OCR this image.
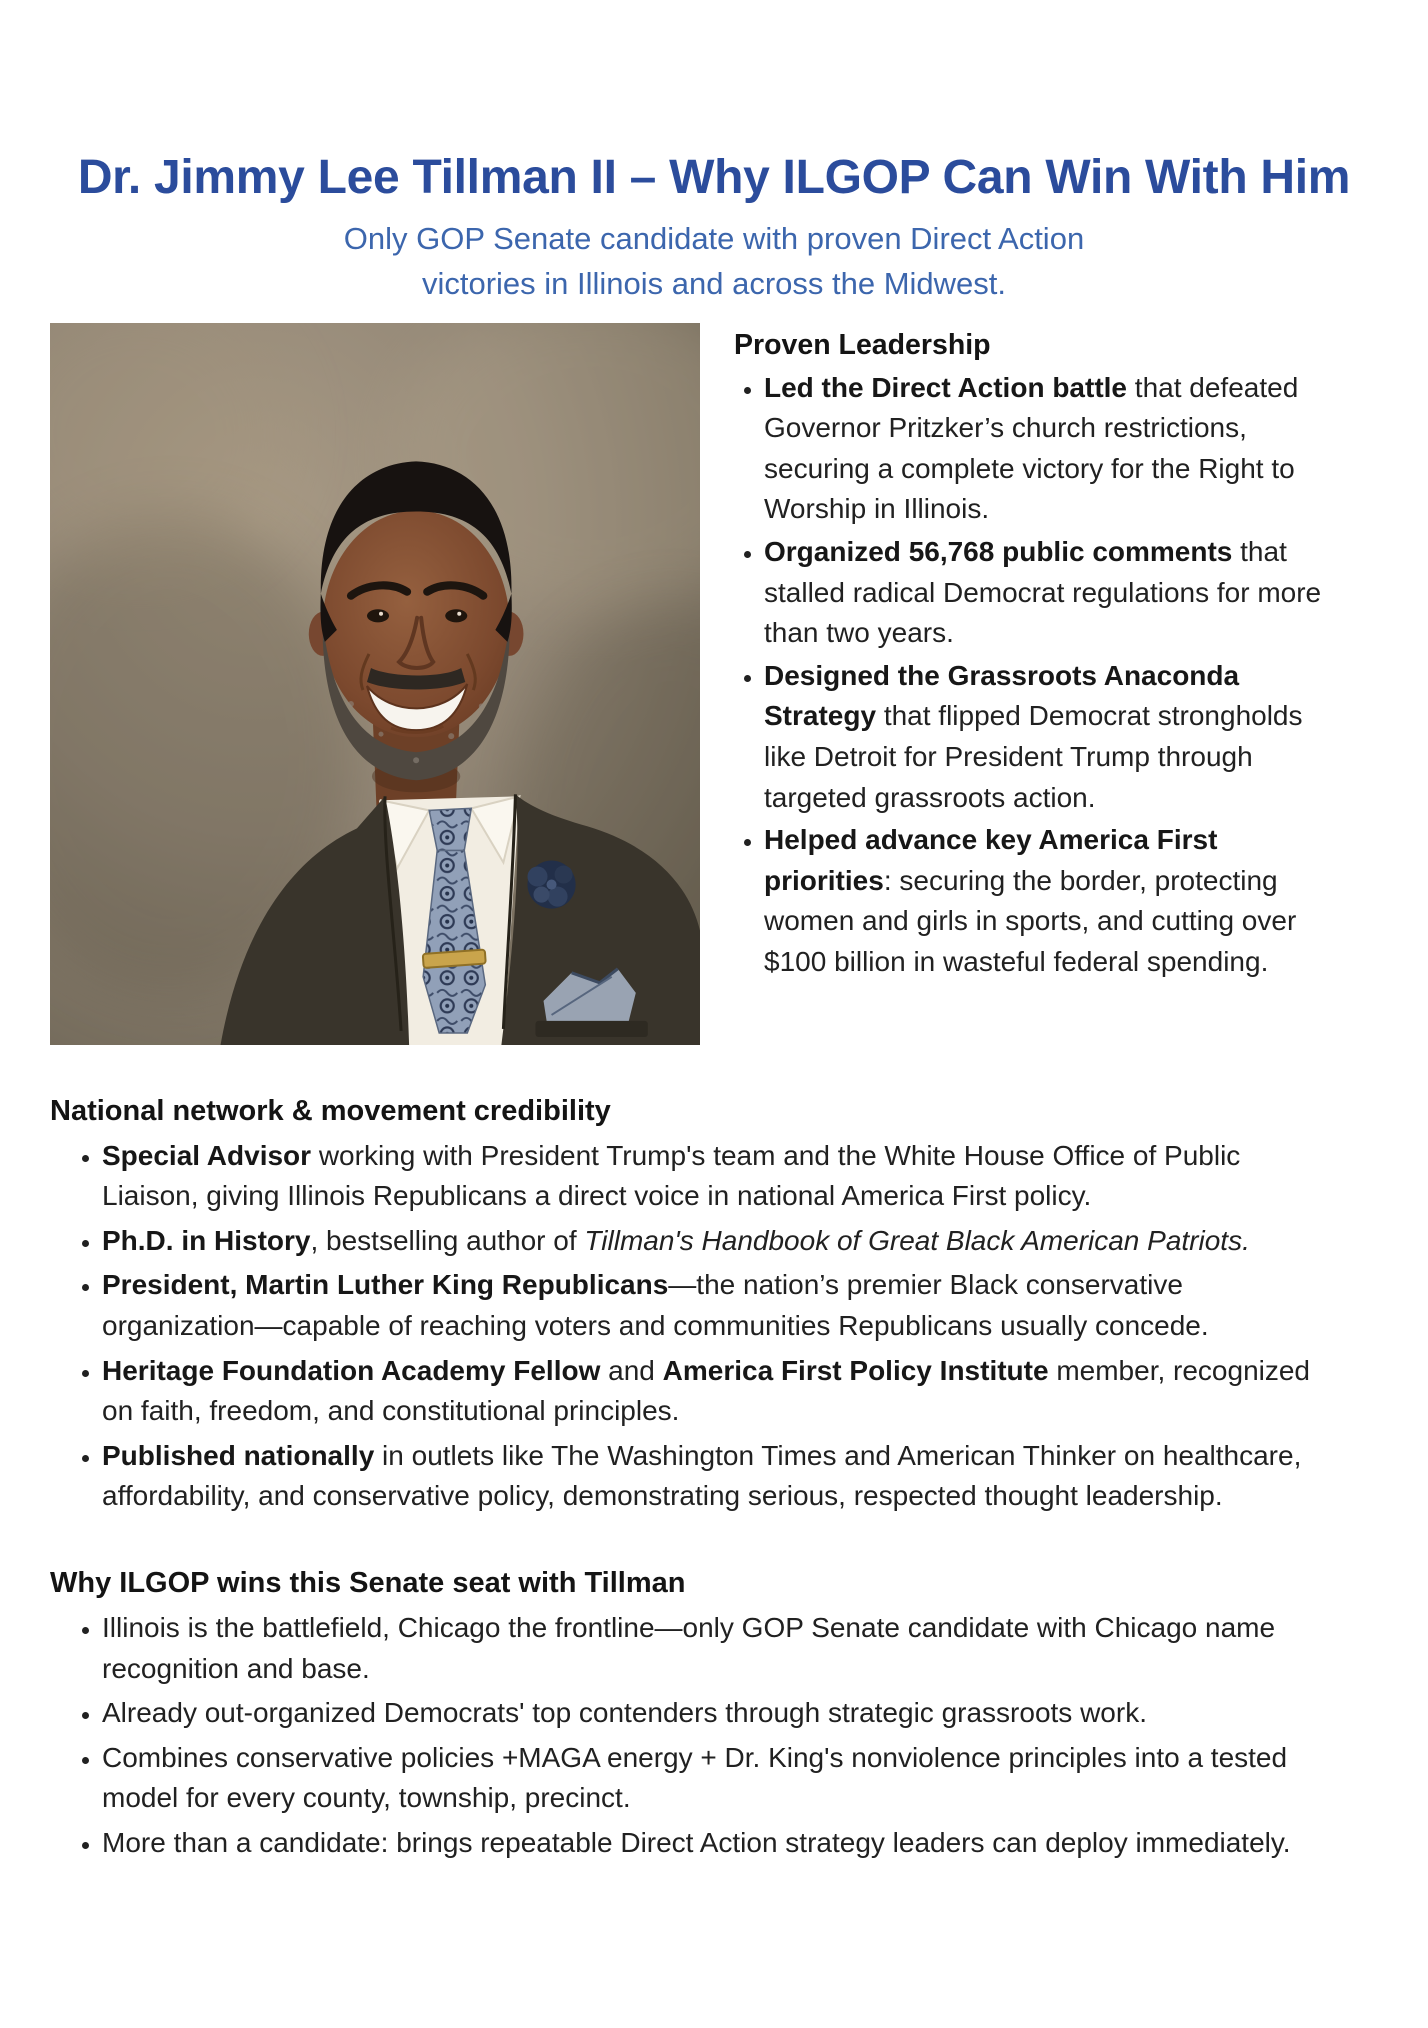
Dr. Jimmy Lee Tillman II – Why ILGOP Can Win With Him
Only GOP Senate candidate with proven Direct Action
victories in Illinois and across the Midwest.
Proven Leadership
• Led the Direct Action battle that defeated Governor Pritzker’s church restrictions, securing a complete victory for the Right to Worship in Illinois.
• Organized 56,768 public comments that stalled radical Democrat regulations for more than two years.
• Designed the Grassroots Anaconda Strategy that flipped Democrat strongholds like Detroit for President Trump through targeted grassroots action.
• Helped advance key America First priorities: securing the border, protecting women and girls in sports, and cutting over $100 billion in wasteful federal spending.
National network & movement credibility
• Special Advisor working with President Trump's team and the White House Office of Public Liaison, giving Illinois Republicans a direct voice in national America First policy.
• Ph.D. in History, bestselling author of Tillman's Handbook of Great Black American Patriots.
• President, Martin Luther King Republicans—the nation’s premier Black conservative organization—capable of reaching voters and communities Republicans usually concede.
• Heritage Foundation Academy Fellow and America First Policy Institute member, recognized on faith, freedom, and constitutional principles.
• Published nationally in outlets like The Washington Times and American Thinker on healthcare, affordability, and conservative policy, demonstrating serious, respected thought leadership.
Why ILGOP wins this Senate seat with Tillman
• Illinois is the battlefield, Chicago the frontline—only GOP Senate candidate with Chicago name recognition and base.
• Already out-organized Democrats' top contenders through strategic grassroots work.
• Combines conservative policies +MAGA energy + Dr. King's nonviolence principles into a tested model for every county, township, precinct.
• More than a candidate: brings repeatable Direct Action strategy leaders can deploy immediately.
